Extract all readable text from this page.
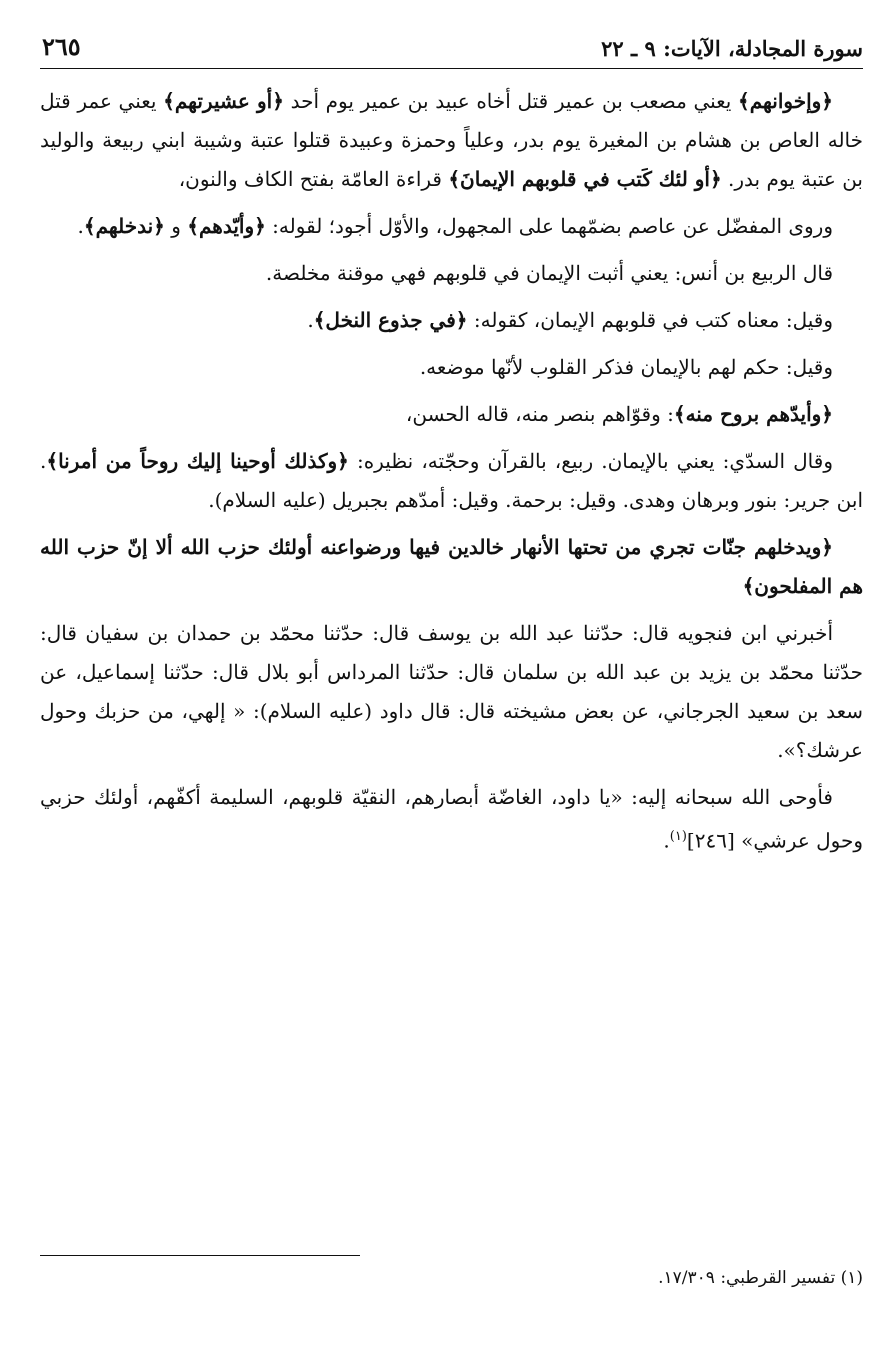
سورة المجادلة، الآيات: ٩ ـ ٢٢
٢٦٥

﴿وإخوانهم﴾ يعني مصعب بن عمير قتل أخاه عبيد بن عمير يوم أحد ﴿أو عشيرتهم﴾ يعني عمر قتل خاله العاص بن هشام بن المغيرة يوم بدر، وعلياً وحمزة وعبيدة قتلوا عتبة وشيبة ابني ربيعة والوليد بن عتبة يوم بدر. ﴿أو لئك كَتب في قلوبهم الإيمانَ﴾ قراءة العامّة بفتح الكاف والنون،

وروى المفضّل عن عاصم بضمّهما على المجهول، والأوّل أجود؛ لقوله: ﴿وأيّدهم﴾ و ﴿ندخلهم﴾.

قال الربيع بن أنس: يعني أثبت الإيمان في قلوبهم فهي موقنة مخلصة.

وقيل: معناه كتب في قلوبهم الإيمان، كقوله: ﴿في جذوع النخل﴾.

وقيل: حكم لهم بالإيمان فذكر القلوب لأنّها موضعه.

﴿وأيدّهم بروح منه﴾: وقوّاهم بنصر منه، قاله الحسن،

وقال السدّي: يعني بالإيمان. ربيع، بالقرآن وحجّته، نظيره: ﴿وكذلك أوحينا إليك روحاً من أمرنا﴾. ابن جرير: بنور وبرهان وهدى. وقيل: برحمة. وقيل: أمدّهم بجبريل (عليه السلام).

﴿ويدخلهم جنّات تجري من تحتها الأنهار خالدين فيها ورضواعنه أولئك حزب الله ألا إنّ حزب الله هم المفلحون﴾

أخبرني ابن فنجويه قال: حدّثنا عبد الله بن يوسف قال: حدّثنا محمّد بن حمدان بن سفيان قال: حدّثنا محمّد بن يزيد بن عبد الله بن سلمان قال: حدّثنا المرداس أبو بلال قال: حدّثنا إسماعيل، عن سعد بن سعيد الجرجاني، عن بعض مشيخته قال: قال داود (عليه السلام): « إلهي، من حزبك وحول عرشك؟».

فأوحى الله سبحانه إليه: «يا داود، الغاضّة أبصارهم، النقيّة قلوبهم، السليمة أكفّهم، أولئك حزبي وحول عرشي» [٢٤٦]$^{(١)}$.

(١) تفسير القرطبي: ١٧/٣٠٩.
